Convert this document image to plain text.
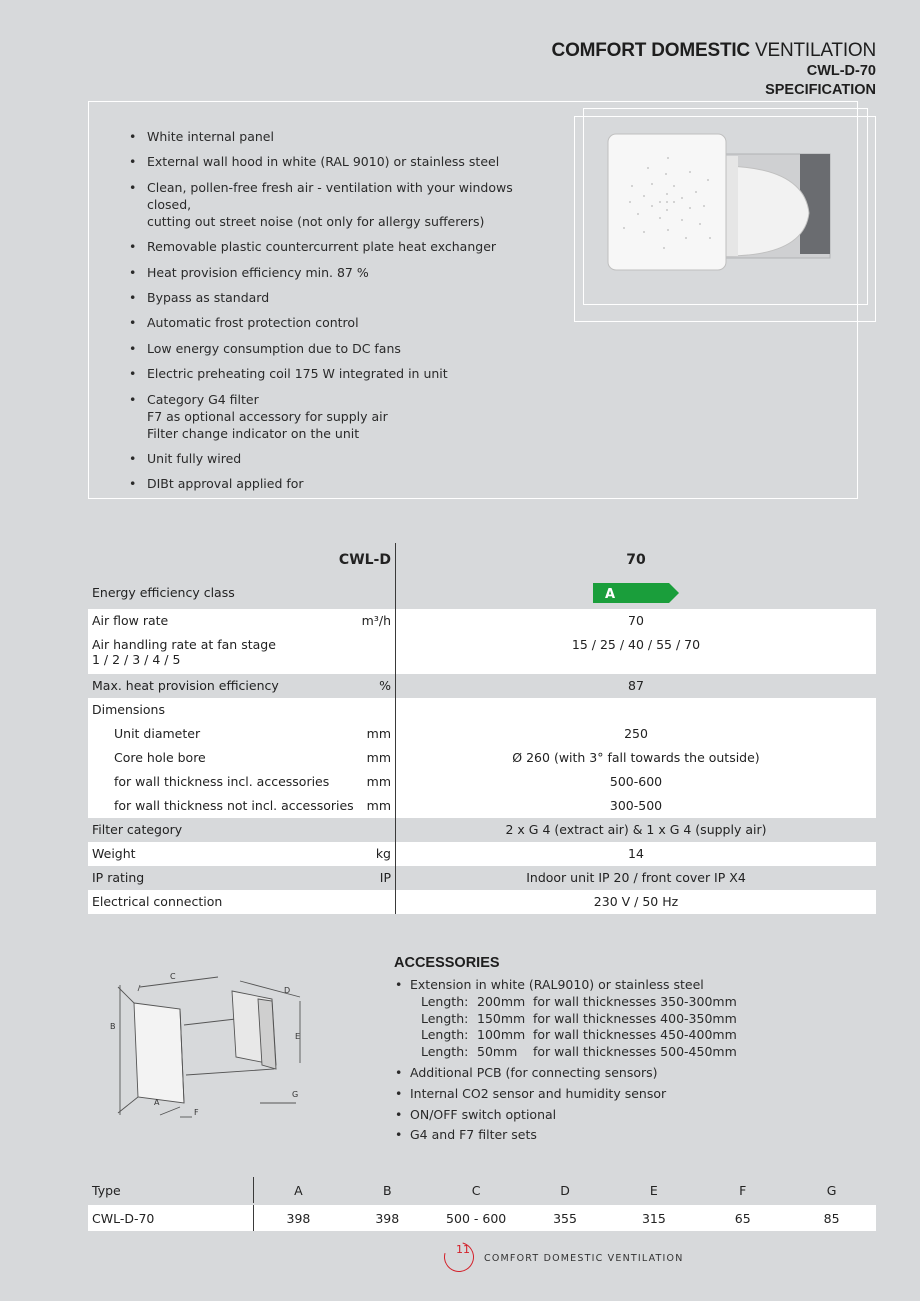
COMFORT DOMESTIC VENTILATION
CWL-D-70
SPECIFICATION
• White internal panel
• External wall hood in white (RAL 9010) or stainless steel
• Clean, pollen-free fresh air - ventilation with your windows closed,
cutting out street noise (not only for allergy sufferers)
• Removable plastic countercurrent plate heat exchanger
• Heat provision efficiency min. 87 %
• Bypass as standard
• Automatic frost protection control
• Low energy consumption due to DC fans
• Electric preheating coil 175 W integrated in unit
• Category G4 filter
F7 as optional accessory for supply air
Filter change indicator on the unit
• Unit fully wired
• DIBt approval applied for
CWL-D	70
Energy efficiency class	A
Air flow rate	m³/h	70
Air handling rate at fan stage
1 / 2 / 3 / 4 / 5
15 / 25 / 40 / 55 / 70
Max. heat provision efficiency	%	87
Dimensions
Unit diameter	mm	250
Core hole bore	mm	Ø 260 (with 3° fall towards the outside)
for wall thickness incl. accessories	mm	500-600
for wall thickness not incl. accessories	mm	300-500
Filter category	2 x G 4 (extract air) & 1 x G 4 (supply air)
Weight	kg	14
IP rating	IP	Indoor unit IP 20 / front cover IP X4
Electrical connection	230 V / 50 Hz
B
C
D
E
A
F
G
ACCESSORIES
• Extension in white (RAL9010) or stainless steel
Length: 200mm for wall thicknesses 350-300mm
Length: 150mm for wall thicknesses 400-350mm
Length: 100mm for wall thicknesses 450-400mm
Length: 50mm	for wall thicknesses 500-450mm
• Additional PCB (for connecting sensors)
• Internal CO2 sensor and humidity sensor
• ON/OFF switch optional
• G4 and F7 filter sets
Type	A	B	C	D	E	F	G
CWL-D-70	398	398	500 - 600	355	315	65	85
11
COMFORT DOMESTIC VENTILATION
